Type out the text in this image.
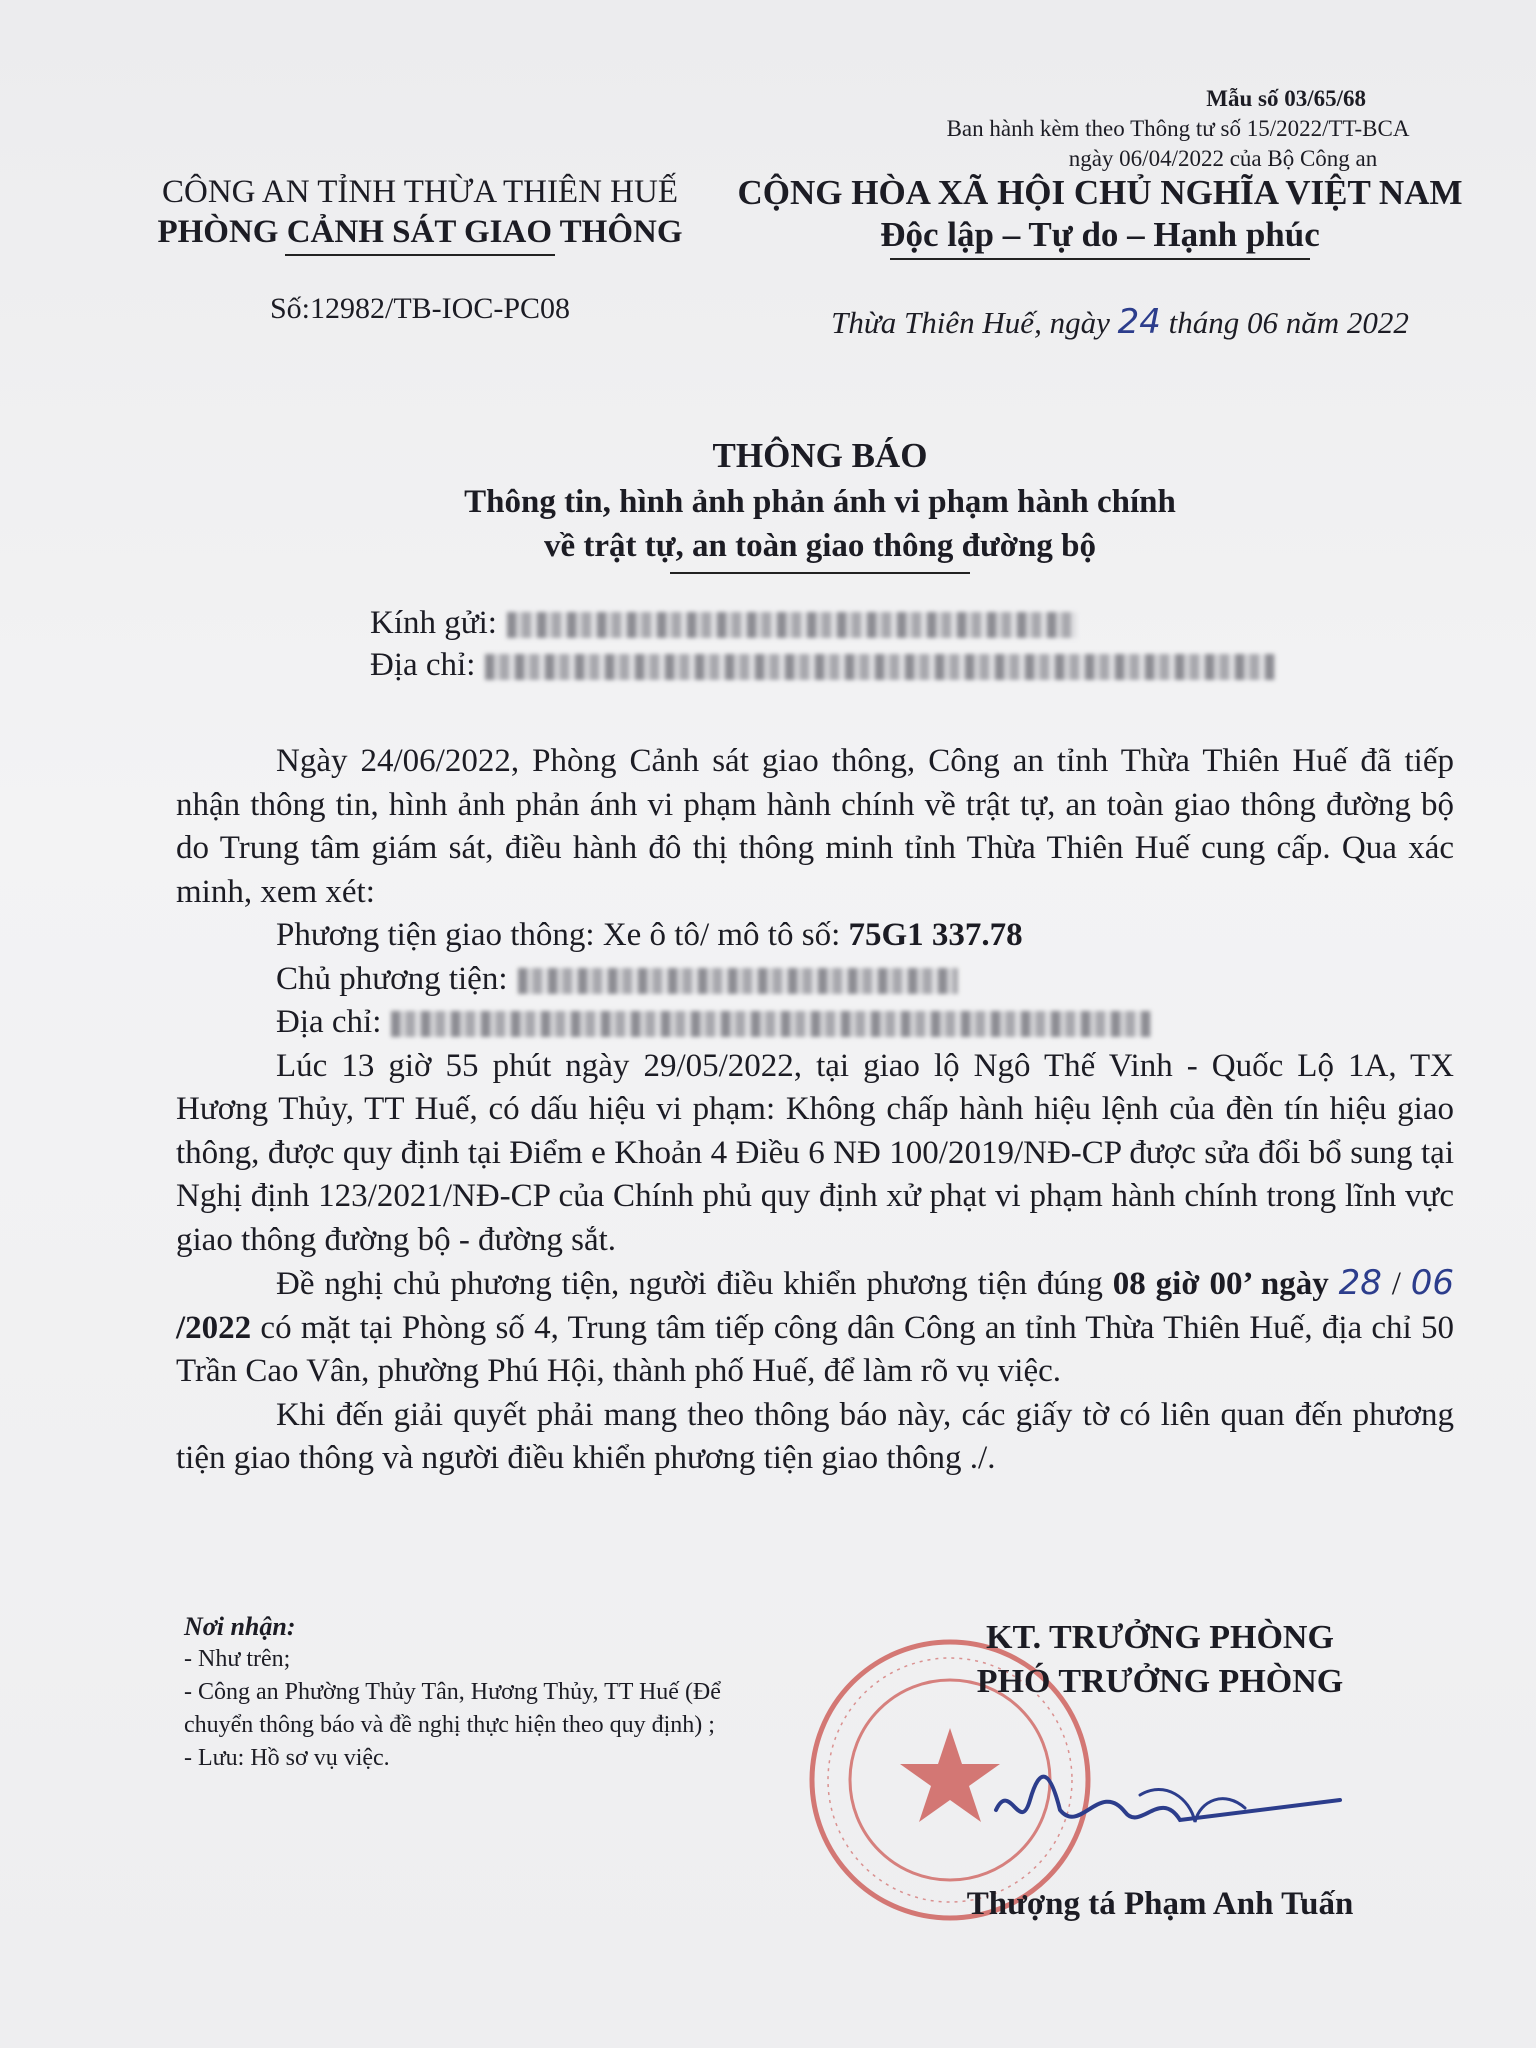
Mẫu số 03/65/68
Ban hành kèm theo Thông tư số 15/2022/TT-BCA
ngày 06/04/2022 của Bộ Công an
CÔNG AN TỈNH THỪA THIÊN HUẾ
PHÒNG CẢNH SÁT GIAO THÔNG
Số:12982/TB-IOC-PC08
CỘNG HÒA XÃ HỘI CHỦ NGHĨA VIỆT NAM
Độc lập – Tự do – Hạnh phúc
Thừa Thiên Huế, ngày 24 tháng 06 năm 2022
THÔNG BÁO
Thông tin, hình ảnh phản ánh vi phạm hành chính
về trật tự, an toàn giao thông đường bộ
Kính gửi:
Địa chỉ:

Ngày 24/06/2022, Phòng Cảnh sát giao thông, Công an tỉnh Thừa Thiên Huế đã tiếp nhận thông tin, hình ảnh phản ánh vi phạm hành chính về trật tự, an toàn giao thông đường bộ do Trung tâm giám sát, điều hành đô thị thông minh tỉnh Thừa Thiên Huế cung cấp. Qua xác minh, xem xét:

Phương tiện giao thông: Xe ô tô/ mô tô số: 75G1 337.78

Chủ phương tiện:

Địa chỉ:

Lúc 13 giờ 55 phút ngày 29/05/2022, tại giao lộ Ngô Thế Vinh - Quốc Lộ 1A, TX Hương Thủy, TT Huế, có dấu hiệu vi phạm: Không chấp hành hiệu lệnh của đèn tín hiệu giao thông, được quy định tại Điểm e Khoản 4 Điều 6 NĐ 100/2019/NĐ-CP được sửa đổi bổ sung tại Nghị định 123/2021/NĐ-CP của Chính phủ quy định xử phạt vi phạm hành chính trong lĩnh vực giao thông đường bộ - đường sắt.

Đề nghị chủ phương tiện, người điều khiển phương tiện đúng 08 giờ 00’ ngày 28 / 06 /2022 có mặt tại Phòng số 4, Trung tâm tiếp công dân Công an tỉnh Thừa Thiên Huế, địa chỉ 50 Trần Cao Vân, phường Phú Hội, thành phố Huế, để làm rõ vụ việc.

Khi đến giải quyết phải mang theo thông báo này, các giấy tờ có liên quan đến phương tiện giao thông và người điều khiển phương tiện giao thông ./.

Nơi nhận:
- Như trên;
- Công an Phường Thủy Tân, Hương Thủy, TT Huế (Để chuyển thông báo và đề nghị thực hiện theo quy định) ;
- Lưu: Hồ sơ vụ việc.
KT. TRƯỞNG PHÒNG
PHÓ TRƯỞNG PHÒNG
Thượng tá Phạm Anh Tuấn
